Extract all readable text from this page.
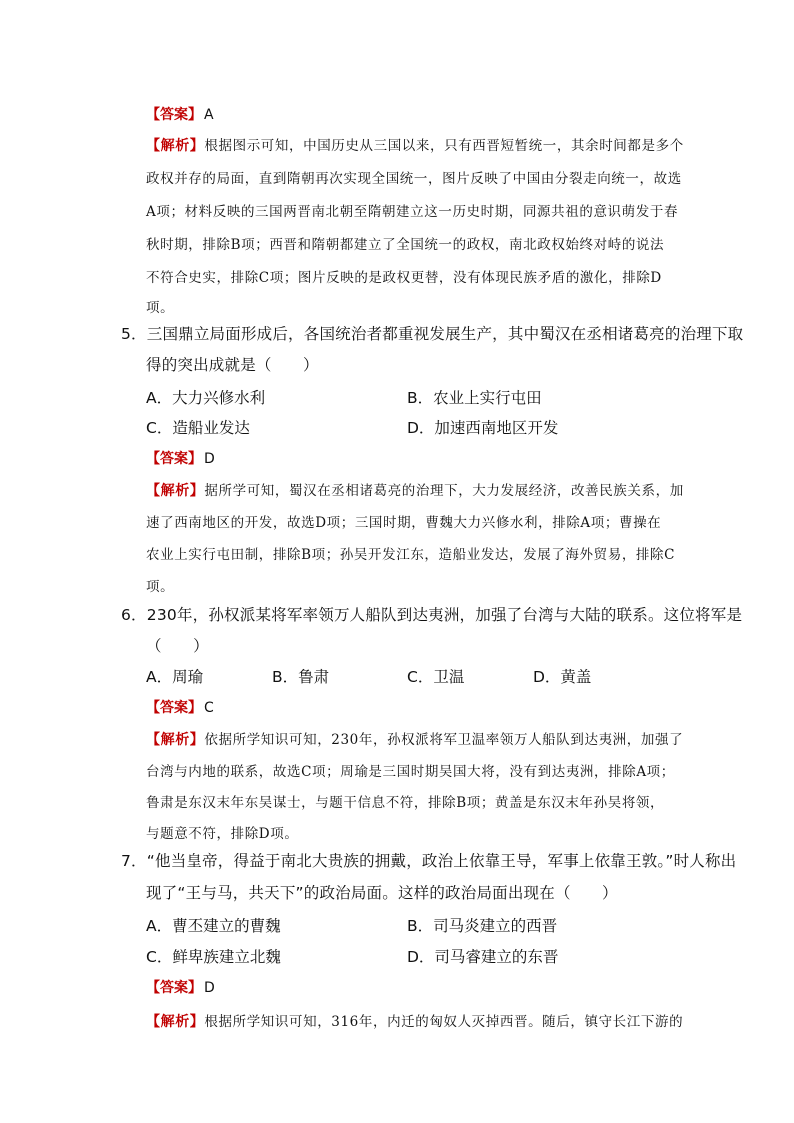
【答案】 A
【解析】根据图示可知，中国历史从三国以来，只有西晋短暂统一，其余时间都是多个
政权并存的局面，直到隋朝再次实现全国统一，图片反映了中国由分裂走向统一，故选
A项；材料反映的三国两晋南北朝至隋朝建立这一历史时期，同源共祖的意识萌发于春
秋时期，排除B项；西晋和隋朝都建立了全国统一的政权，南北政权始终对峙的说法
不符合史实，排除C项；图片反映的是政权更替，没有体现民族矛盾的激化，排除D
项。
5．三国鼎立局面形成后，各国统治者都重视发展生产，其中蜀汉在丞相诸葛亮的治理下取
得的突出成就是（　　）
A．大力兴修水利	B．农业上实行屯田
C．造船业发达	D．加速西南地区开发
【答案】 D
【解析】据所学可知，蜀汉在丞相诸葛亮的治理下，大力发展经济，改善民族关系，加
速了西南地区的开发，故选D项；三国时期，曹魏大力兴修水利，排除A项；曹操在
农业上实行屯田制，排除B项；孙吴开发江东，造船业发达，发展了海外贸易，排除C
项。
6．230年，孙权派某将军率领万人船队到达夷洲，加强了台湾与大陆的联系。这位将军是
（　　）
A．周瑜	B．鲁肃	C．卫温	D．黄盖
【答案】 C
【解析】依据所学知识可知，230年，孙权派将军卫温率领万人船队到达夷洲，加强了
台湾与内地的联系，故选C项；周瑜是三国时期吴国大将，没有到达夷洲，排除A项；
鲁肃是东汉末年东吴谋士，与题干信息不符，排除B项；黄盖是东汉末年孙吴将领，
与题意不符，排除D项。
7．“他当皇帝，得益于南北大贵族的拥戴，政治上依靠王导，军事上依靠王敦。”时人称出
现了“王与马，共天下”的政治局面。这样的政治局面出现在（　　）
A．曹丕建立的曹魏	B．司马炎建立的西晋
C．鲜卑族建立北魏	D．司马睿建立的东晋
【答案】 D
【解析】根据所学知识可知，316年，内迁的匈奴人灭掉西晋。随后，镇守长江下游的
